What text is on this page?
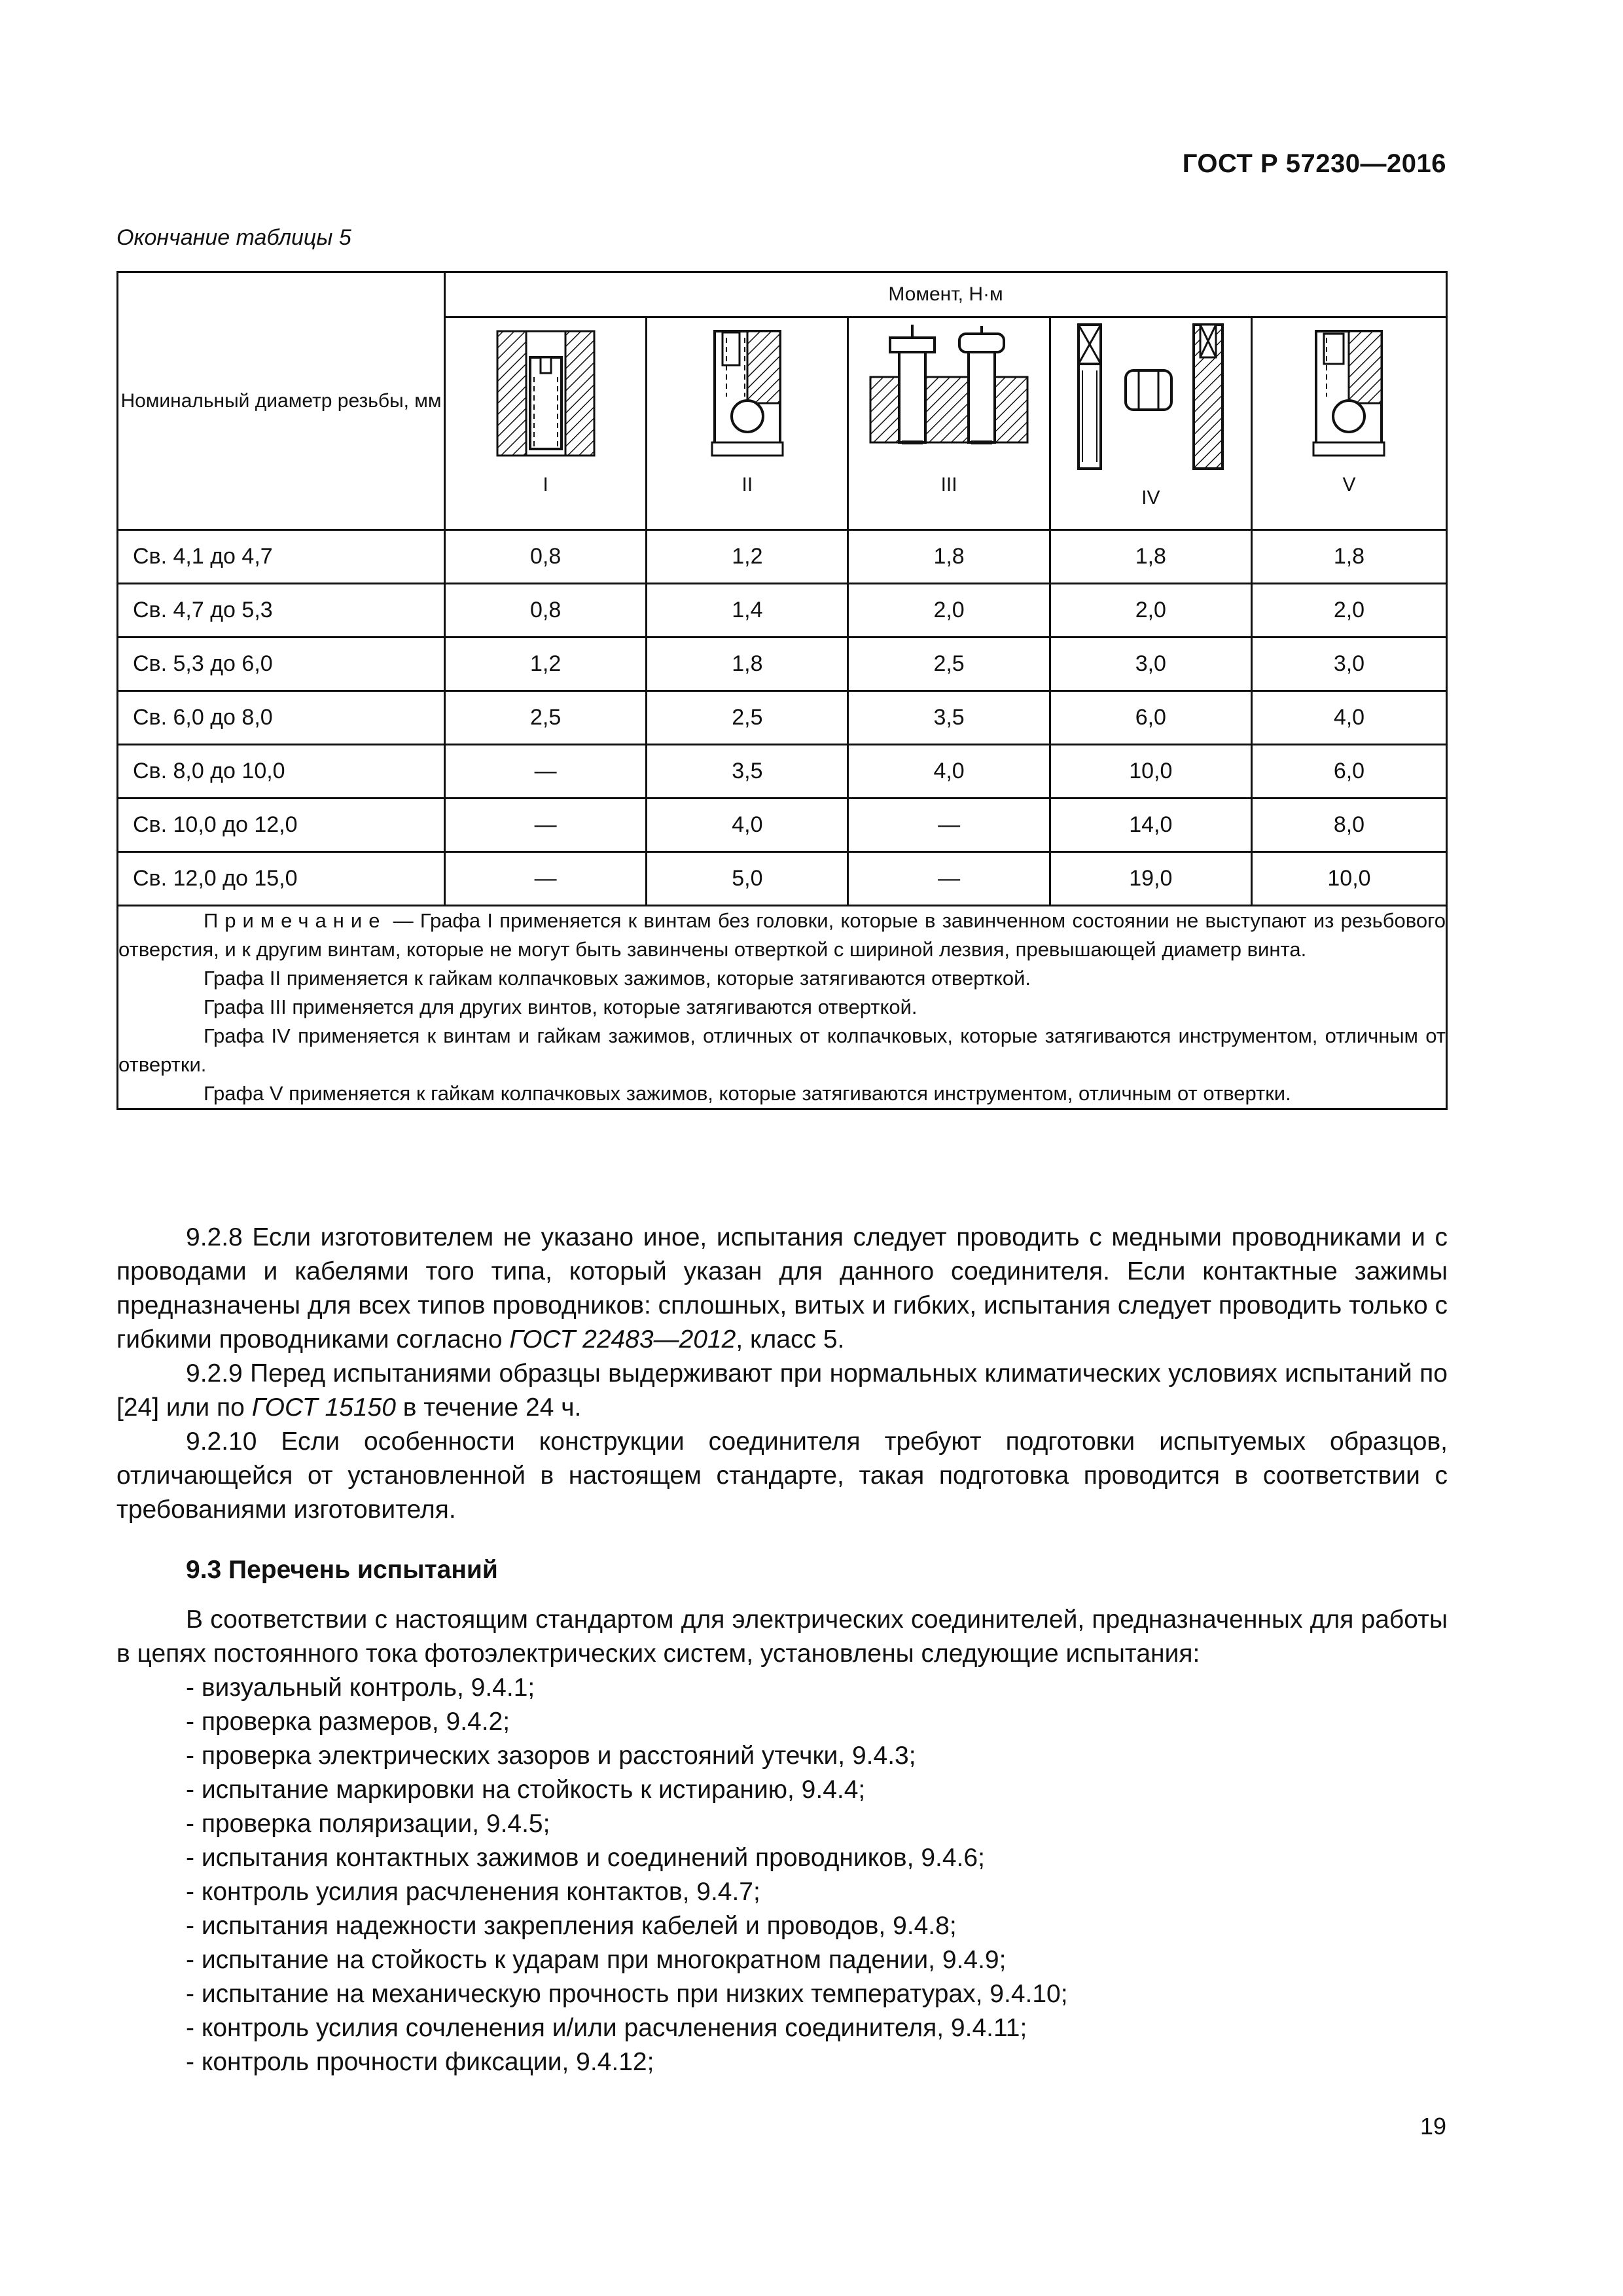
ГОСТ Р 57230—2016
Окончание таблицы 5
Номинальный диаметр резьбы, мм	Момент, Н·м				

	I	II	III	IV	V

Св. 4,1 до 4,7	0,8	1,2	1,8	1,8	1,8
Св. 4,7 до 5,3	0,8	1,4	2,0	2,0	2,0
Св. 5,3 до 6,0	1,2	1,8	2,5	3,0	3,0
Св. 6,0 до 8,0	2,5	2,5	3,5	6,0	4,0
Св. 8,0 до 10,0	—	3,5	4,0	10,0	6,0
Св. 10,0 до 12,0	—	4,0	—	14,0	8,0
Св. 12,0 до 15,0	—	5,0	—	19,0	10,0

Примечание — Графа I применяется к винтам без головки, которые в завинченном состоянии не выступают из резьбового отверстия, и к другим винтам, которые не могут быть завинчены отверткой с шириной лезвия, превышающей диаметр винта.

Графа II применяется к гайкам колпачковых зажимов, которые затягиваются отверткой.

Графа III применяется для других винтов, которые затягиваются отверткой.

Графа IV применяется к винтам и гайкам зажимов, отличных от колпачковых, которые затягиваются инструментом, отличным от отвертки.

Графа V применяется к гайкам колпачковых зажимов, которые затягиваются инструментом, отличным от отвертки.					

9.2.8 Если изготовителем не указано иное, испытания следует проводить с медными проводниками и с проводами и кабелями того типа, который указан для данного соединителя. Если контактные зажимы предназначены для всех типов проводников: сплошных, витых и гибких, испытания следует проводить только с гибкими проводниками согласно ГОСТ 22483—2012, класс 5.

9.2.9 Перед испытаниями образцы выдерживают при нормальных климатических условиях испытаний по [24] или по ГОСТ 15150 в течение 24 ч.

9.2.10 Если особенности конструкции соединителя требуют подготовки испытуемых образцов, отличающейся от установленной в настоящем стандарте, такая подготовка проводится в соответствии с требованиями изготовителя.

9.3 Перечень испытаний

В соответствии с настоящим стандартом для электрических соединителей, предназначенных для работы в цепях постоянного тока фотоэлектрических систем, установлены следующие испытания:

- визуальный контроль, 9.4.1;
- проверка размеров, 9.4.2;
- проверка электрических зазоров и расстояний утечки, 9.4.3;
- испытание маркировки на стойкость к истиранию, 9.4.4;
- проверка поляризации, 9.4.5;
- испытания контактных зажимов и соединений проводников, 9.4.6;
- контроль усилия расчленения контактов, 9.4.7;
- испытания надежности закрепления кабелей и проводов, 9.4.8;
- испытание на стойкость к ударам при многократном падении, 9.4.9;
- испытание на механическую прочность при низких температурах, 9.4.10;
- контроль усилия сочленения и/или расчленения соединителя, 9.4.11;
- контроль прочности фиксации, 9.4.12;
19
